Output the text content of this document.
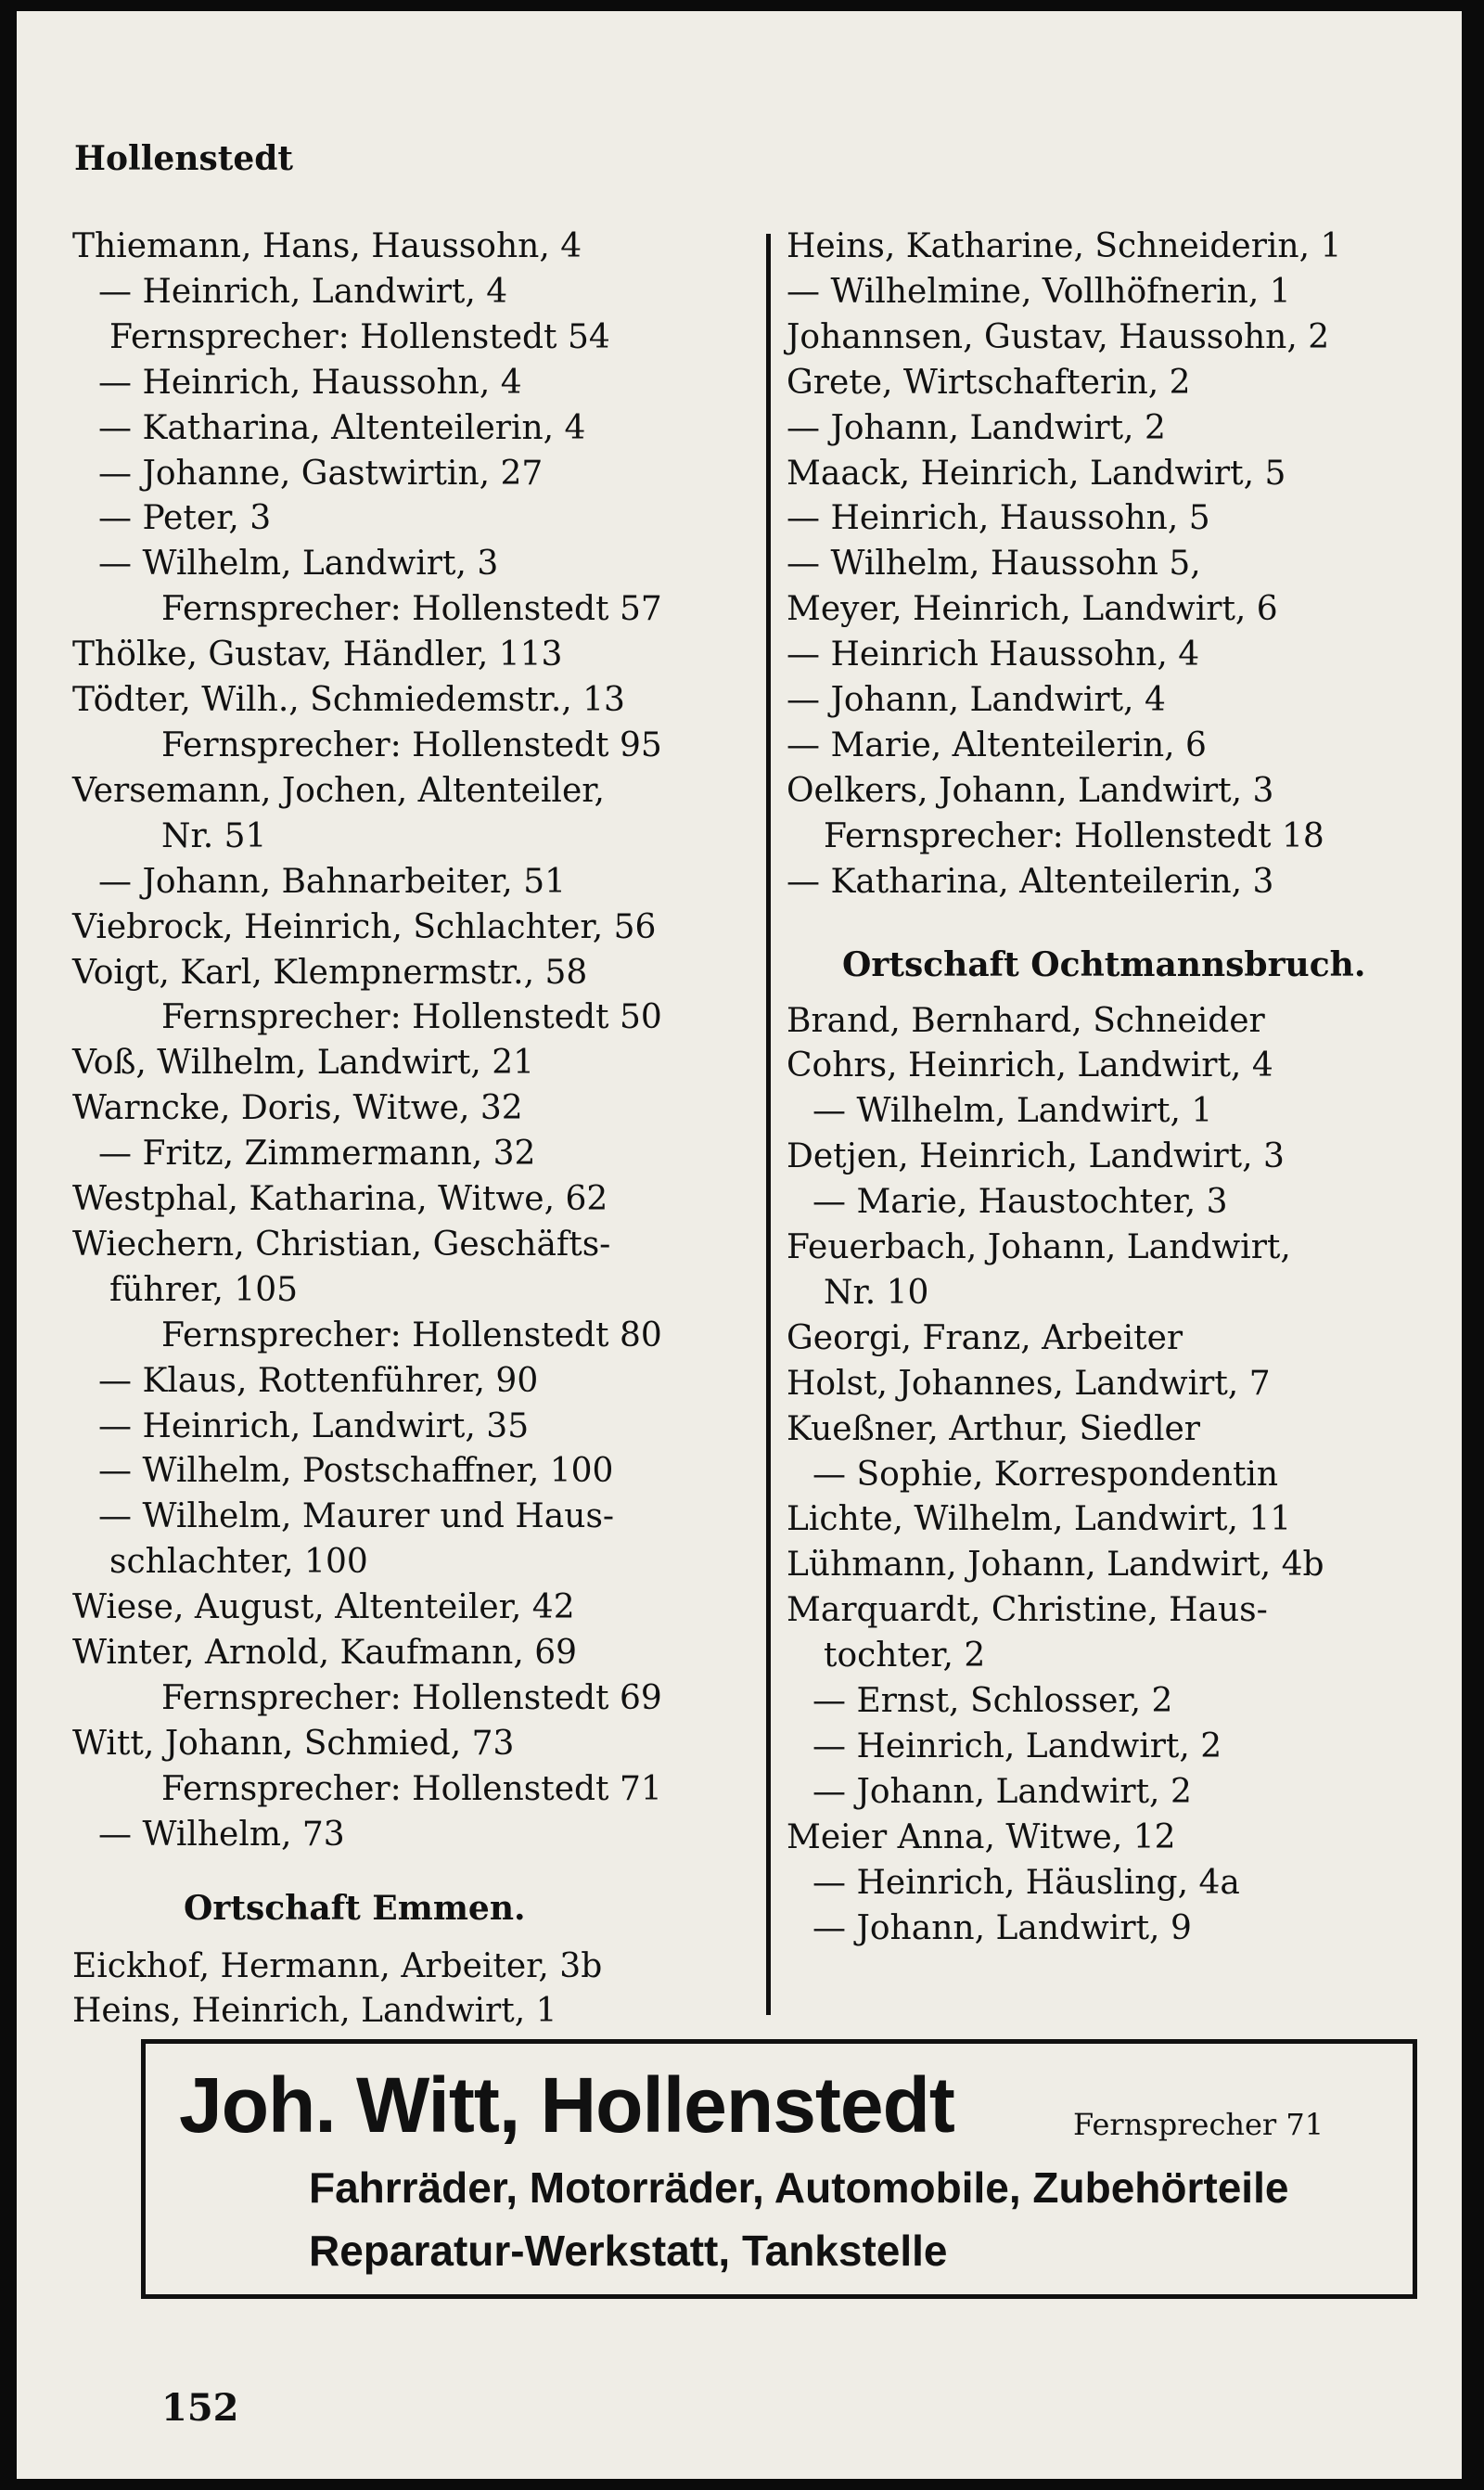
Hollenstedt
Thiemann, Hans, Haussohn, 4
— Heinrich, Landwirt, 4
Fernsprecher: Hollenstedt 54
— Heinrich, Haussohn, 4
— Katharina, Altenteilerin, 4
— Johanne, Gastwirtin, 27
— Peter, 3
— Wilhelm, Landwirt, 3
Fernsprecher: Hollenstedt 57
Thölke, Gustav, Händler, 113
Tödter, Wilh., Schmiedemstr., 13
Fernsprecher: Hollenstedt 95
Versemann, Jochen, Altenteiler,
Nr. 51
— Johann, Bahnarbeiter, 51
Viebrock, Heinrich, Schlachter, 56
Voigt, Karl, Klempnermstr., 58
Fernsprecher: Hollenstedt 50
Voß, Wilhelm, Landwirt, 21
Warncke, Doris, Witwe, 32
— Fritz, Zimmermann, 32
Westphal, Katharina, Witwe, 62
Wiechern, Christian, Geschäfts-
führer, 105
Fernsprecher: Hollenstedt 80
— Klaus, Rottenführer, 90
— Heinrich, Landwirt, 35
— Wilhelm, Postschaffner, 100
— Wilhelm, Maurer und Haus-
schlachter, 100
Wiese, August, Altenteiler, 42
Winter, Arnold, Kaufmann, 69
Fernsprecher: Hollenstedt 69
Witt, Johann, Schmied, 73
Fernsprecher: Hollenstedt 71
— Wilhelm, 73
Ortschaft Emmen.
Eickhof, Hermann, Arbeiter, 3b
Heins, Heinrich, Landwirt, 1
Heins, Katharine, Schneiderin, 1
— Wilhelmine, Vollhöfnerin, 1
Johannsen, Gustav, Haussohn, 2
Grete, Wirtschafterin, 2
— Johann, Landwirt, 2
Maack, Heinrich, Landwirt, 5
— Heinrich, Haussohn, 5
— Wilhelm, Haussohn 5,
Meyer, Heinrich, Landwirt, 6
— Heinrich Haussohn, 4
— Johann, Landwirt, 4
— Marie, Altenteilerin, 6
Oelkers, Johann, Landwirt, 3
Fernsprecher: Hollenstedt 18
— Katharina, Altenteilerin, 3
Ortschaft Ochtmannsbruch.
Brand, Bernhard, Schneider
Cohrs, Heinrich, Landwirt, 4
— Wilhelm, Landwirt, 1
Detjen, Heinrich, Landwirt, 3
— Marie, Haustochter, 3
Feuerbach, Johann, Landwirt,
Nr. 10
Georgi, Franz, Arbeiter
Holst, Johannes, Landwirt, 7
Kueßner, Arthur, Siedler
— Sophie, Korrespondentin
Lichte, Wilhelm, Landwirt, 11
Lühmann, Johann, Landwirt, 4b
Marquardt, Christine, Haus-
tochter, 2
— Ernst, Schlosser, 2
— Heinrich, Landwirt, 2
— Johann, Landwirt, 2
Meier Anna, Witwe, 12
— Heinrich, Häusling, 4a
— Johann, Landwirt, 9
Joh. Witt, Hollenstedt	Fernsprecher 71
Fahrräder, Motorräder, Automobile, Zubehörteile
Reparatur-Werkstatt, Tankstelle
152
